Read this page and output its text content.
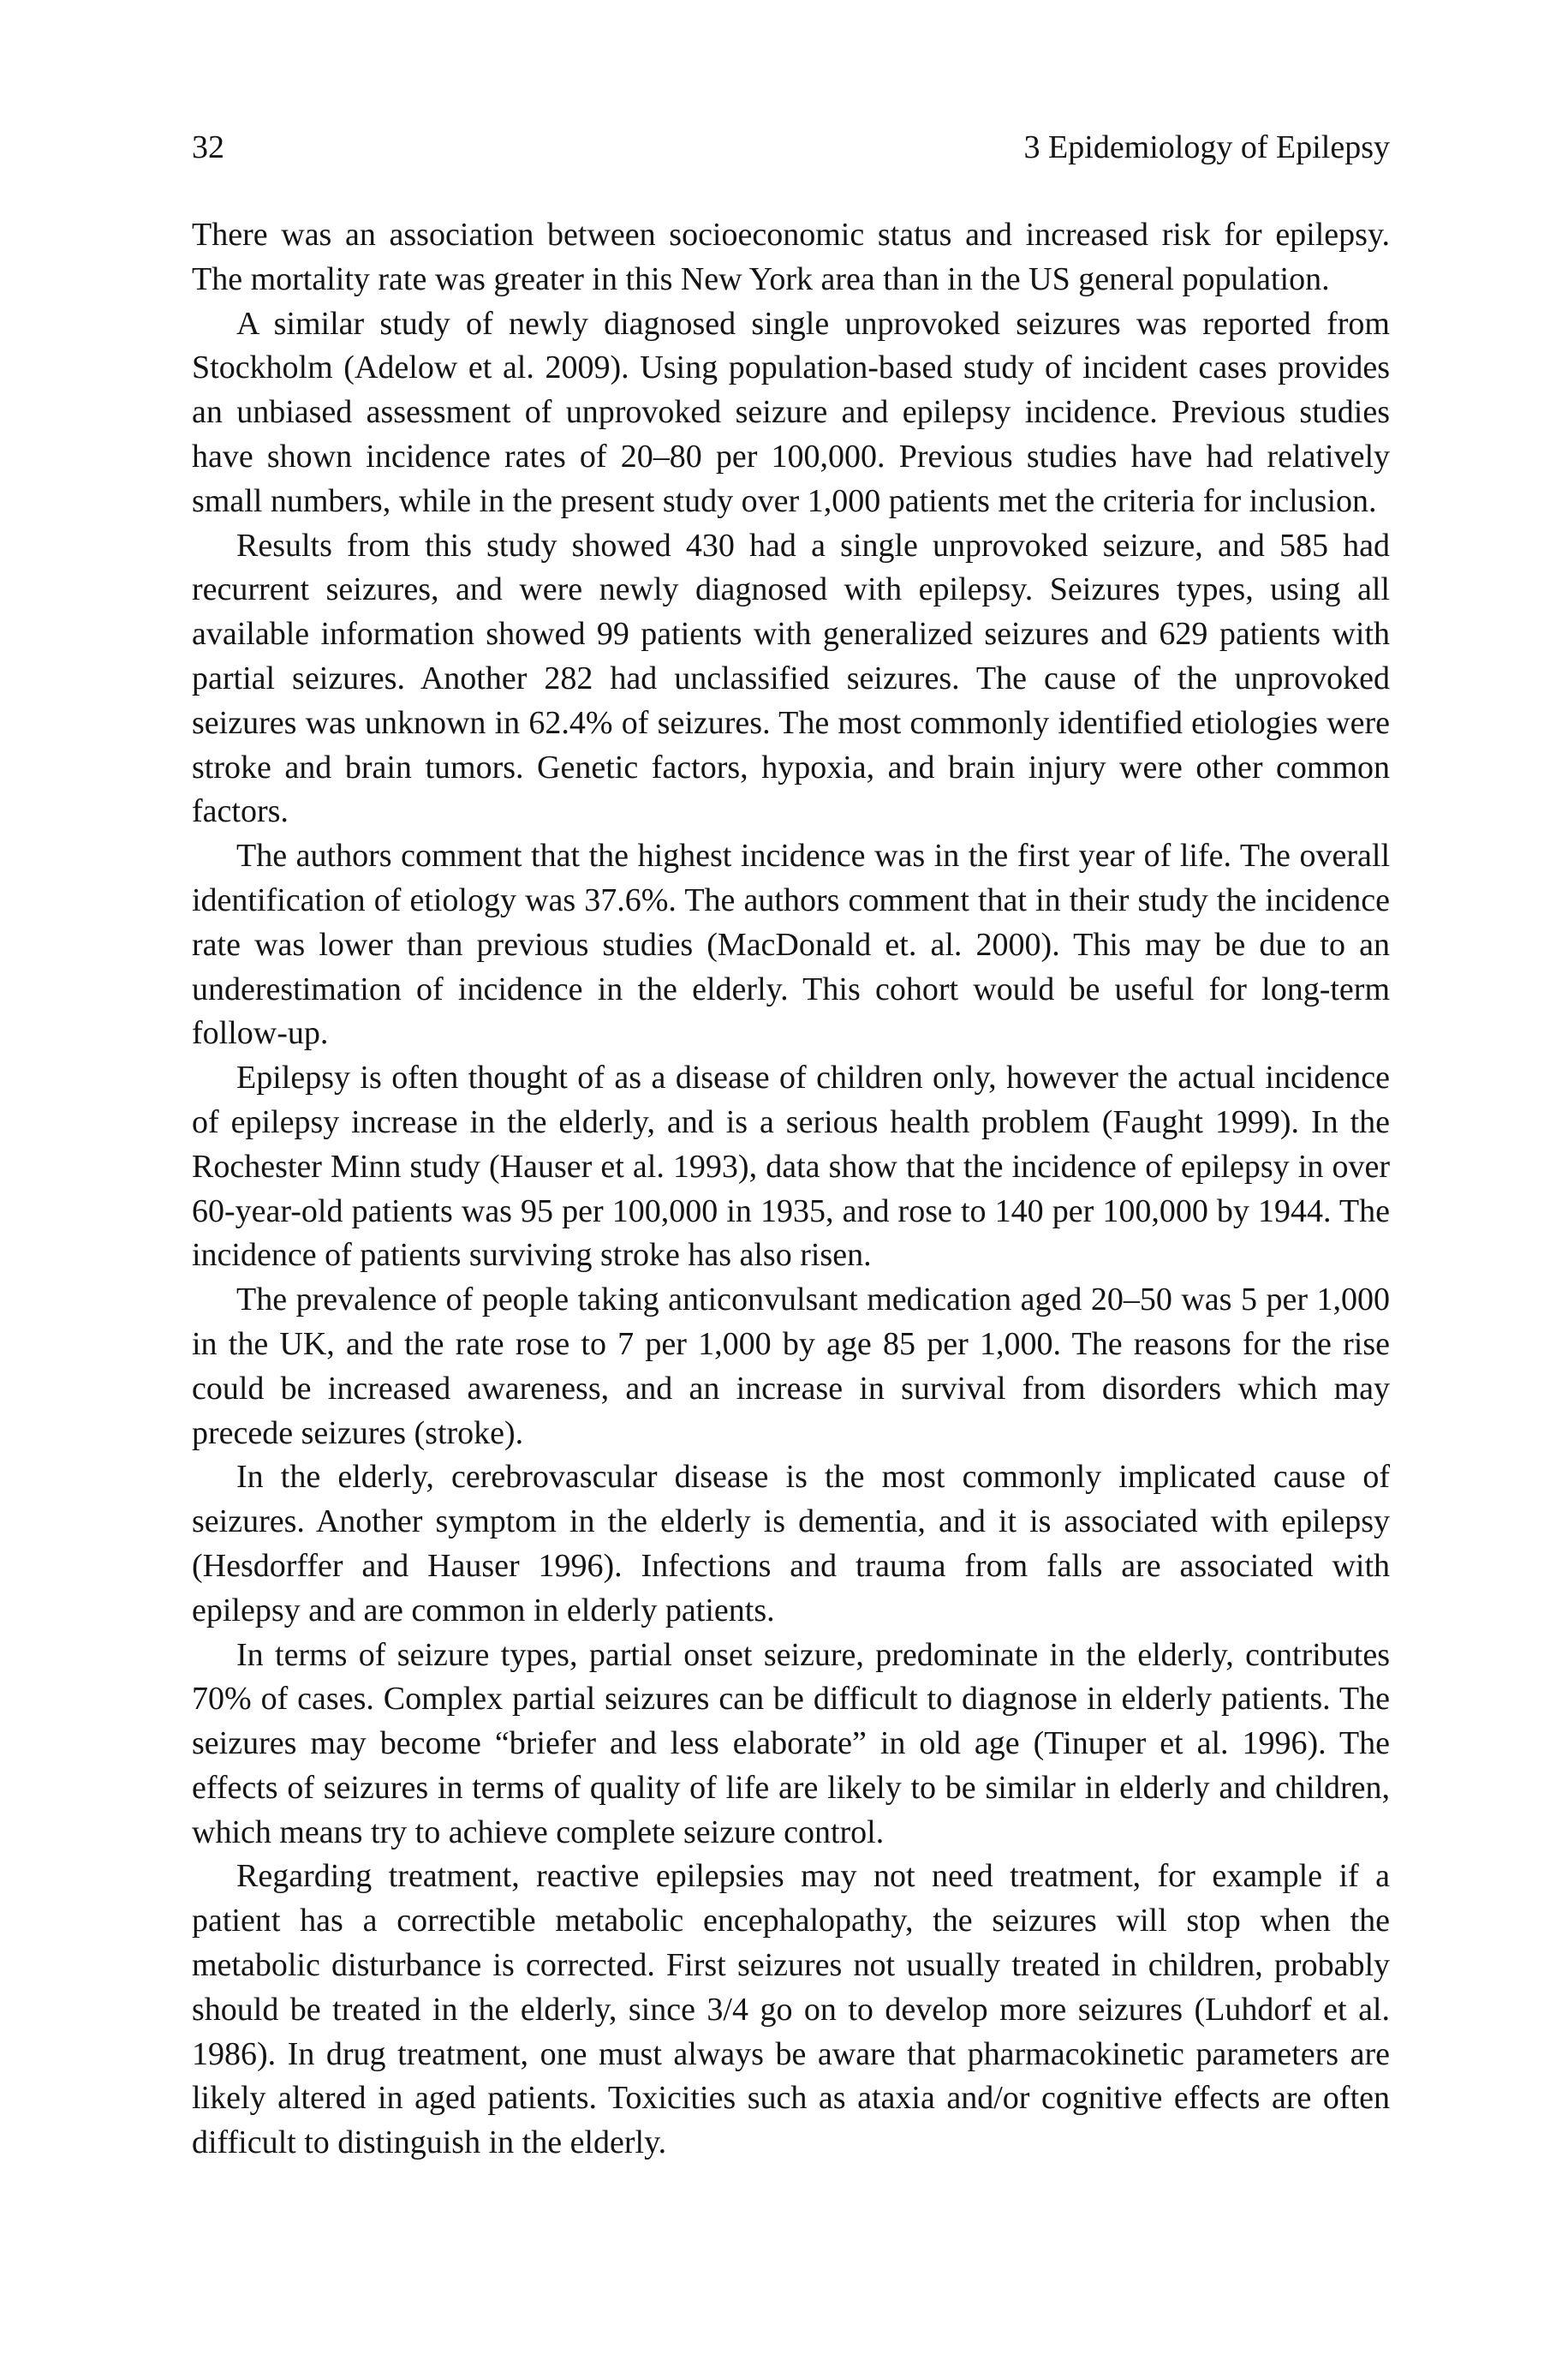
32	3 Epidemiology of Epilepsy

There was an association between socioeconomic status and increased risk for epilepsy. The mortality rate was greater in this New York area than in the US general population.

A similar study of newly diagnosed single unprovoked seizures was reported from Stockholm (Adelow et al. 2009). Using population-based study of incident cases provides an unbiased assessment of unprovoked seizure and epilepsy incidence. Previous studies have shown incidence rates of 20–80 per 100,000. Previous studies have had relatively small numbers, while in the present study over 1,000 patients met the criteria for inclusion.

Results from this study showed 430 had a single unprovoked seizure, and 585 had recurrent seizures, and were newly diagnosed with epilepsy. Seizures types, using all available information showed 99 patients with generalized seizures and 629 patients with partial seizures. Another 282 had unclassified seizures. The cause of the unprovoked seizures was unknown in 62.4% of seizures. The most commonly identified etiologies were stroke and brain tumors. Genetic factors, hypoxia, and brain injury were other common factors.

The authors comment that the highest incidence was in the first year of life. The overall identification of etiology was 37.6%. The authors comment that in their study the incidence rate was lower than previous studies (MacDonald et. al. 2000). This may be due to an underestimation of incidence in the elderly. This cohort would be useful for long-term follow-up.

Epilepsy is often thought of as a disease of children only, however the actual incidence of epilepsy increase in the elderly, and is a serious health problem (Faught 1999). In the Rochester Minn study (Hauser et al. 1993), data show that the incidence of epilepsy in over 60-year-old patients was 95 per 100,000 in 1935, and rose to 140 per 100,000 by 1944. The incidence of patients surviving stroke has also risen.

The prevalence of people taking anticonvulsant medication aged 20–50 was 5 per 1,000 in the UK, and the rate rose to 7 per 1,000 by age 85 per 1,000. The reasons for the rise could be increased awareness, and an increase in survival from disorders which may precede seizures (stroke).

In the elderly, cerebrovascular disease is the most commonly implicated cause of seizures. Another symptom in the elderly is dementia, and it is associated with epilepsy (Hesdorffer and Hauser 1996). Infections and trauma from falls are associated with epilepsy and are common in elderly patients.

In terms of seizure types, partial onset seizure, predominate in the elderly, contributes 70% of cases. Complex partial seizures can be difficult to diagnose in elderly patients. The seizures may become “briefer and less elaborate” in old age (Tinuper et al. 1996). The effects of seizures in terms of quality of life are likely to be similar in elderly and children, which means try to achieve complete seizure control.

Regarding treatment, reactive epilepsies may not need treatment, for example if a patient has a correctible metabolic encephalopathy, the seizures will stop when the metabolic disturbance is corrected. First seizures not usually treated in children, probably should be treated in the elderly, since 3/4 go on to develop more seizures (Luhdorf et al. 1986). In drug treatment, one must always be aware that pharmacokinetic parameters are likely altered in aged patients. Toxicities such as ataxia and/or cognitive effects are often difficult to distinguish in the elderly.
